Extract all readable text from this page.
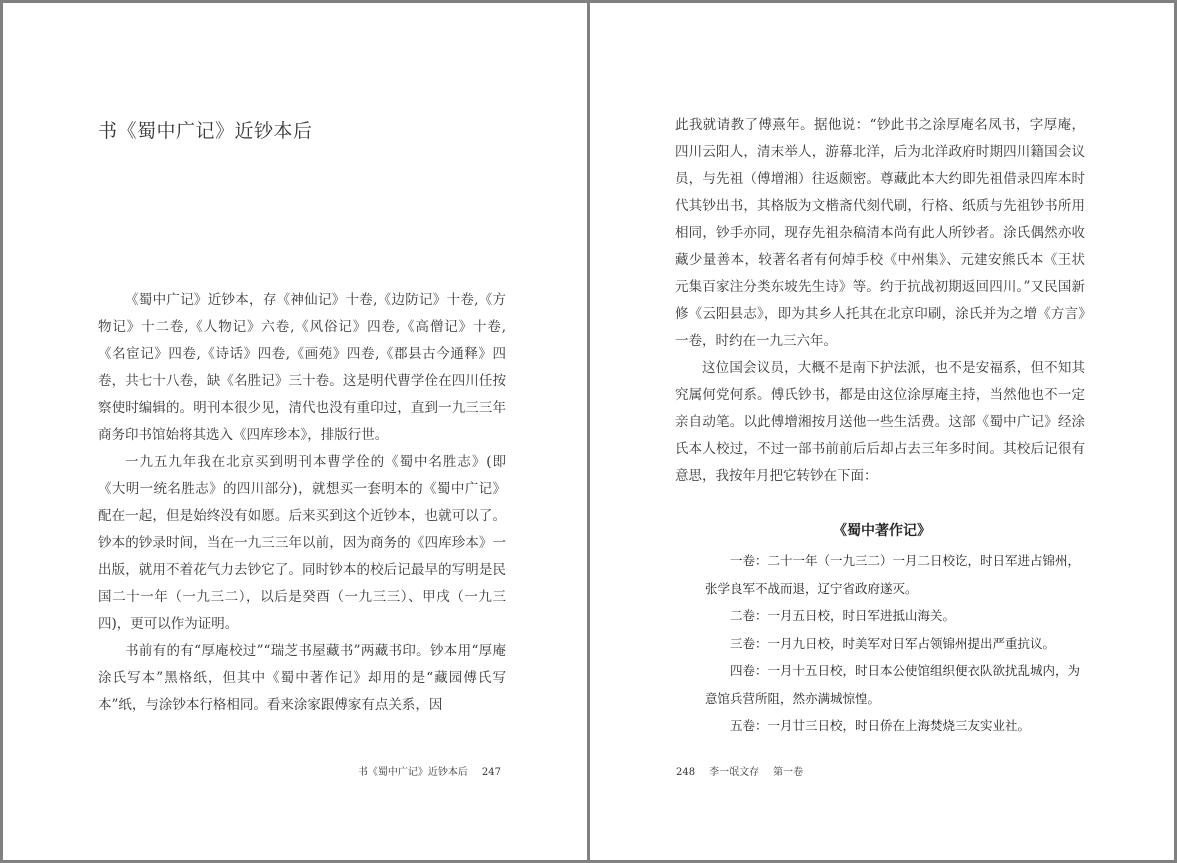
书《蜀中广记》近钞本后

《蜀中广记》近钞本，存《神仙记》十卷,《边防记》十卷,《方物记》十二卷,《人物记》六卷,《风俗记》四卷,《高僧记》十卷,《名宦记》四卷,《诗话》四卷,《画苑》四卷,《郡县古今通释》四卷，共七十八卷，缺《名胜记》三十卷。这是明代曹学佺在四川任按察使时编辑的。明刊本很少见，清代也没有重印过，直到一九三三年商务印书馆始将其选入《四库珍本》，排版行世。

一九五九年我在北京买到明刊本曹学佺的《蜀中名胜志》(即《大明一统名胜志》的四川部分)，就想买一套明本的《蜀中广记》配在一起，但是始终没有如愿。后来买到这个近钞本，也就可以了。钞本的钞录时间，当在一九三三年以前，因为商务的《四库珍本》一出版，就用不着花气力去钞它了。同时钞本的校后记最早的写明是民国二十一年（一九三二），以后是癸酉（一九三三）、甲戌（一九三四)，更可以作为证明。

书前有的有“厚庵校过”“瑞芝书屋藏书”两藏书印。钞本用“厚庵涂氏写本”黑格纸，但其中《蜀中著作记》却用的是“藏园傅氏写本”纸，与涂钞本行格相同。看来涂家跟傅家有点关系，因

书《蜀中广记》近钞本后 247

此我就请教了傅熹年。据他说：“钞此书之涂厚庵名凤书，字厚庵，四川云阳人，清末举人，游幕北洋，后为北洋政府时期四川籍国会议员，与先祖（傅增湘）往返颇密。尊藏此本大约即先祖借录四库本时代其钞出书，其格版为文楷斋代刻代刷，行格、纸质与先祖钞书所用相同，钞手亦同，现存先祖杂稿清本尚有此人所钞者。涂氏偶然亦收藏少量善本，较著名者有何焯手校《中州集》、元建安熊氏本《王状元集百家注分类东坡先生诗》等。约于抗战初期返回四川。”又民国新修《云阳县志》，即为其乡人托其在北京印刷，涂氏并为之增《方言》一卷，时约在一九三六年。

这位国会议员，大概不是南下护法派，也不是安福系，但不知其究属何党何系。傅氏钞书，都是由这位涂厚庵主持，当然他也不一定亲自动笔。以此傅增湘按月送他一些生活费。这部《蜀中广记》经涂氏本人校过，不过一部书前前后后却占去三年多时间。其校后记很有意思，我按年月把它转钞在下面：

《蜀中著作记》

一卷：二十一年（一九三二）一月二日校讫，时日军进占锦州，张学良军不战而退，辽宁省政府遂灭。

二卷：一月五日校，时日军进抵山海关。

三卷：一月九日校，时美军对日军占领锦州提出严重抗议。

四卷：一月十五日校，时日本公使馆组织便衣队欲扰乱城内，为意馆兵营所阻，然亦满城惊惶。

五卷：一月廿三日校，时日侨在上海焚烧三友实业社。

248 李一氓文存 第一卷
